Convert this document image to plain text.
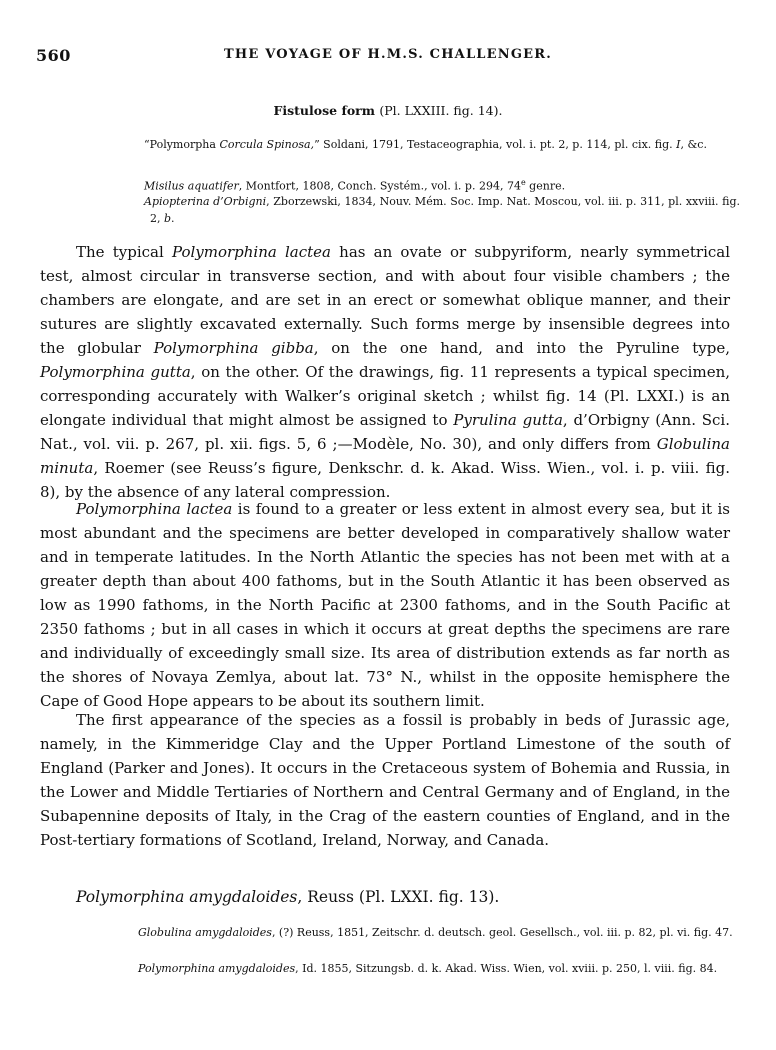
560	THE VOYAGE OF H.M.S. CHALLENGER.
Fistulose form (Pl. LXXIII. fig. 14).
“Polymorpha Corcula Spinosa,” Soldani, 1791, Testaceographia, vol. i. pt. 2, p. 114, pl. cix. fig. I, &c.
Misilus aquatifer, Montfort, 1808, Conch. Systém., vol. i. p. 294, 74e genre.
Apiopterina d’Orbigni, Zborzewski, 1834, Nouv. Mém. Soc. Imp. Nat. Moscou, vol. iii. p. 311, pl. xxviii. fig. 2, b.
The typical Polymorphina lactea has an ovate or subpyriform, nearly symmetrical test, almost circular in transverse section, and with about four visible chambers ; the chambers are elongate, and are set in an erect or somewhat oblique manner, and their sutures are slightly excavated externally. Such forms merge by insensible degrees into the globular Polymorphina gibba, on the one hand, and into the Pyruline type, Polymorphina gutta, on the other. Of the drawings, fig. 11 represents a typical specimen, corresponding accurately with Walker’s original sketch ; whilst fig. 14 (Pl. LXXI.) is an elongate individual that might almost be assigned to Pyrulina gutta, d’Orbigny (Ann. Sci. Nat., vol. vii. p. 267, pl. xii. figs. 5, 6 ;—Modèle, No. 30), and only differs from Globulina minuta, Roemer (see Reuss’s figure, Denkschr. d. k. Akad. Wiss. Wien., vol. i. p. viii. fig. 8), by the absence of any lateral compression.
Polymorphina lactea is found to a greater or less extent in almost every sea, but it is most abundant and the specimens are better developed in comparatively shallow water and in temperate latitudes. In the North Atlantic the species has not been met with at a greater depth than about 400 fathoms, but in the South Atlantic it has been observed as low as 1990 fathoms, in the North Pacific at 2300 fathoms, and in the South Pacific at 2350 fathoms ; but in all cases in which it occurs at great depths the specimens are rare and individually of exceedingly small size. Its area of distribution extends as far north as the shores of Novaya Zemlya, about lat. 73° N., whilst in the opposite hemisphere the Cape of Good Hope appears to be about its southern limit.
The first appearance of the species as a fossil is probably in beds of Jurassic age, namely, in the Kimmeridge Clay and the Upper Portland Limestone of the south of England (Parker and Jones). It occurs in the Cretaceous system of Bohemia and Russia, in the Lower and Middle Tertiaries of Northern and Central Germany and of England, in the Subapennine deposits of Italy, in the Crag of the eastern counties of England, and in the Post-tertiary formations of Scotland, Ireland, Norway, and Canada.
Polymorphina amygdaloides, Reuss (Pl. LXXI. fig. 13).
Globulina amygdaloides, (?) Reuss, 1851, Zeitschr. d. deutsch. geol. Gesellsch., vol. iii. p. 82, pl. vi. fig. 47.
Polymorphina amygdaloides, Id. 1855, Sitzungsb. d. k. Akad. Wiss. Wien, vol. xviii. p. 250, l. viii. fig. 84.
